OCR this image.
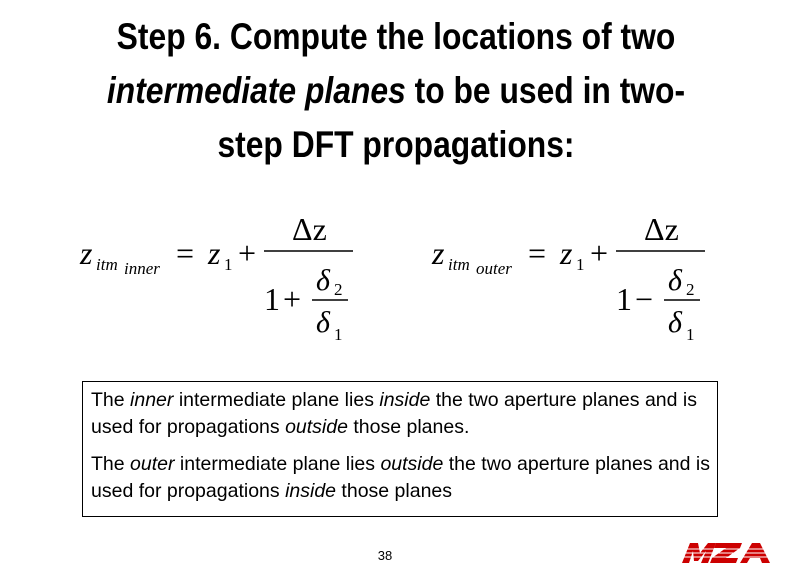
Step 6. Compute the locations of two
intermediate planes to be used in two-
step DFT propagations:
z itm inner = z 1 +
Δz
1 +
δ 2
δ 1
z itm outer = z 1 +
Δz
1 −
δ 2
δ 1

The inner intermediate plane lies inside the two aperture planes and is used for propagations outside those planes.

The outer intermediate plane lies outside the two aperture planes and is used for propagations inside those planes

38
